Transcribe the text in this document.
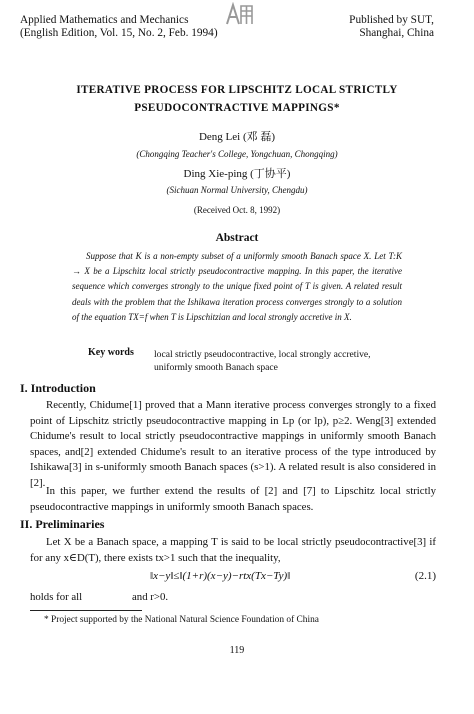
Applied Mathematics and Mechanics
(English Edition, Vol. 15, No. 2, Feb. 1994)
Published by SUT,
Shanghai, China
ITERATIVE PROCESS FOR LIPSCHITZ LOCAL STRICTLY
PSEUDOCONTRACTIVE MAPPINGS*
Deng Lei (邓 磊)
(Chongqing Teacher's College, Yongchuan, Chongqing)
Ding Xie-ping (丁协平)
(Sichuan Normal University, Chengdu)
(Received Oct. 8, 1992)
Abstract

Suppose that K is a non-empty subset of a uniformly smooth Banach space X. Let T:K → X be a Lipschitz local strictly pseudocontractive mapping. In this paper, the iterative sequence which converges strongly to the unique fixed point of T is given. A related result deals with the problem that the Ishikawa iteration process converges strongly to a solution of the equation TX=f when T is Lipschitzian and local strongly accretive in X.

Key words local strictly pseudocontractive, local strongly accretive,
uniformly smooth Banach space
I. Introduction

Recently, Chidume[1] proved that a Mann iterative process converges strongly to a fixed point of Lipschitz strictly pseudocontractive mapping in Lp (or lp), p≥2. Weng[3] extended Chidume's result to local strictly pseudocontractive mappings in uniformly smooth Banach spaces, and[2] extended Chidume's result to an iterative process of the type introduced by Ishikawa[3] in s-uniformly smooth Banach spaces (s>1). A related result is also considered in [2].

In this paper, we further extend the results of [2] and [7] to Lipschitz local strictly pseudocontractive mappings in uniformly smooth Banach spaces.

II. Preliminaries

Let X be a Banach space, a mapping T is said to be local strictly pseudocontractive[3] if for any x∈D(T), there exists tx>1 such that the inequality,

‖x−y‖≤‖(1+r)(x−y)−rtx(Tx−Ty)‖	(2.1)
holds for all	and r>0.
* Project supported by the National Natural Science Foundation of China
119
